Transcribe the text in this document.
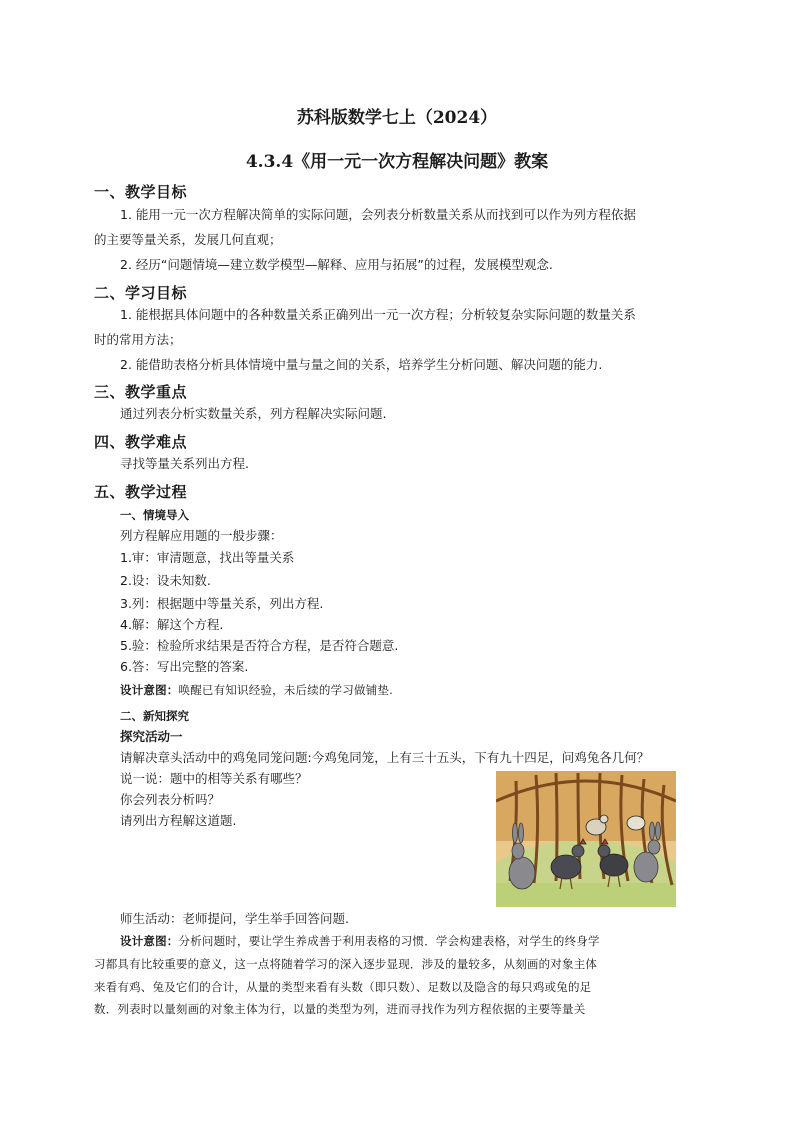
苏科版数学七上（2024）
4.3.4《用一元一次方程解决问题》教案
一、教学目标
1. 能用一元一次方程解决简单的实际问题，会列表分析数量关系从而找到可以作为列方程依据
的主要等量关系，发展几何直观；
2. 经历“问题情境—建立数学模型—解释、应用与拓展”的过程，发展模型观念.
二、学习目标
1. 能根据具体问题中的各种数量关系正确列出一元一次方程；分析较复杂实际问题的数量关系
时的常用方法；
2. 能借助表格分析具体情境中量与量之间的关系，培养学生分析问题、解决问题的能力.
三、教学重点
通过列表分析实数量关系，列方程解决实际问题.
四、教学难点
寻找等量关系列出方程.
五、教学过程
一、情境导入
列方程解应用题的一般步骤：
1.审：审清题意，找出等量关系
2.设：设未知数.
3.列：根据题中等量关系，列出方程.
4.解：解这个方程.
5.验：检验所求结果是否符合方程，是否符合题意.
6.答：写出完整的答案.
设计意图：唤醒已有知识经验，未后续的学习做铺垫.
二、新知探究
探究活动一
请解决章头活动中的鸡兔同笼问题:今鸡兔同笼，上有三十五头，下有九十四足，问鸡兔各几何？
说一说：题中的相等关系有哪些？
你会列表分析吗？
请列出方程解这道题.
师生活动：老师提问，学生举手回答问题.
设计意图：分析问题时，要让学生养成善于利用表格的习惯．学会构建表格，对学生的终身学
习都具有比较重要的意义，这一点将随着学习的深入逐步显现．涉及的量较多，从刻画的对象主体
来看有鸡、兔及它们的合计，从量的类型来看有头数（即只数）、足数以及隐含的每只鸡或兔的足
数．列表时以量刻画的对象主体为行，以量的类型为列，进而寻找作为列方程依据的主要等量关
